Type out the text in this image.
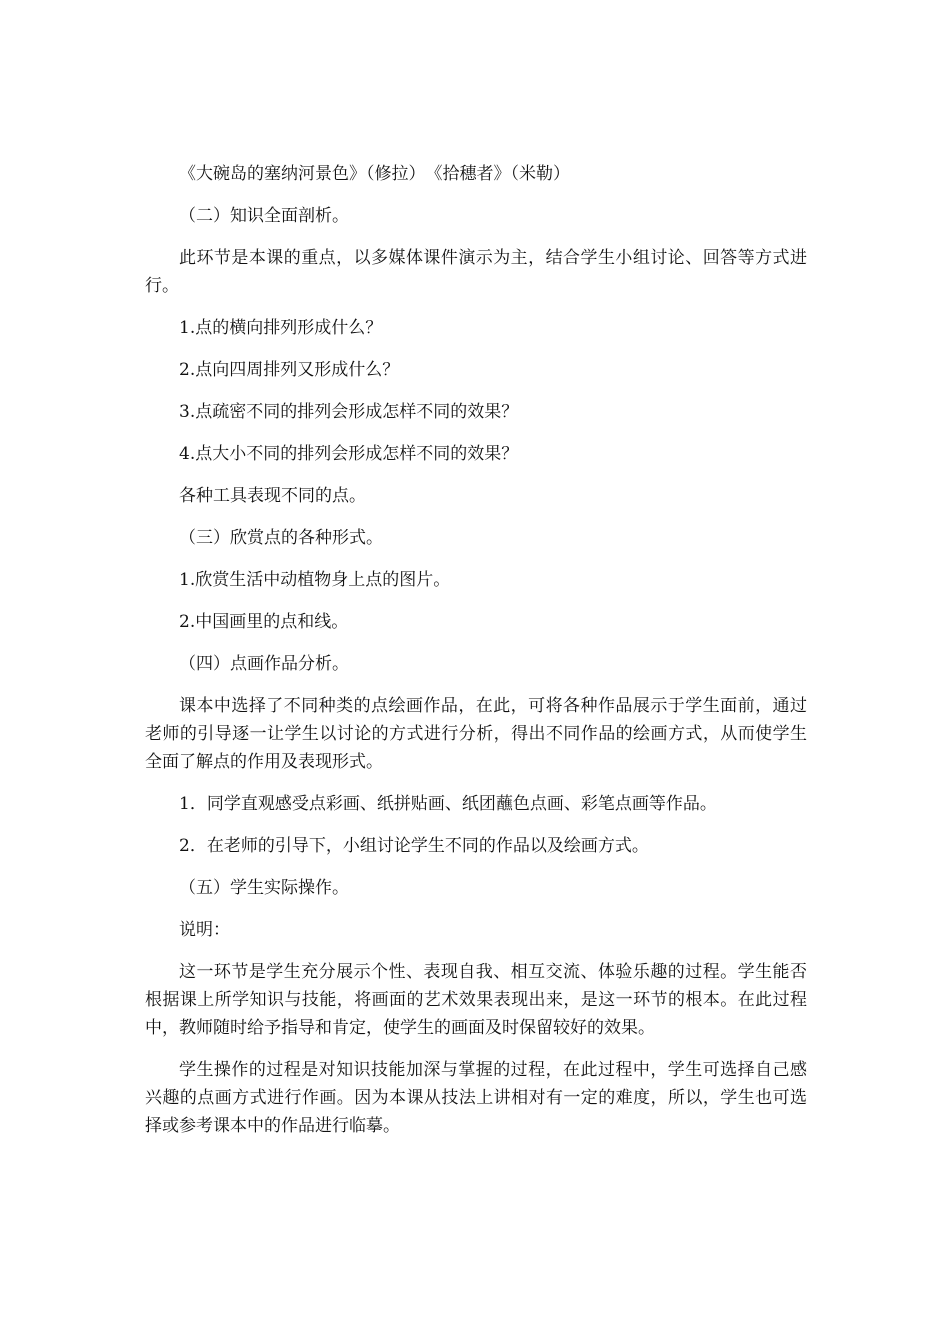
《大碗岛的塞纳河景色》（修拉）　《拾穗者》（米勒）

（二）知识全面剖析。

此环节是本课的重点，以多媒体课件演示为主，结合学生小组讨论、回答等方式进行。

1.点的横向排列形成什么？

2.点向四周排列又形成什么？

3.点疏密不同的排列会形成怎样不同的效果？

4.点大小不同的排列会形成怎样不同的效果？

各种工具表现不同的点。

（三）欣赏点的各种形式。

1.欣赏生活中动植物身上点的图片。

2.中国画里的点和线。

（四）点画作品分析。

课本中选择了不同种类的点绘画作品，在此，可将各种作品展示于学生面前，通过老师的引导逐一让学生以讨论的方式进行分析，得出不同作品的绘画方式，从而使学生全面了解点的作用及表现形式。

1．同学直观感受点彩画、纸拼贴画、纸团蘸色点画、彩笔点画等作品。

2．在老师的引导下，小组讨论学生不同的作品以及绘画方式。

（五）学生实际操作。

说明：

这一环节是学生充分展示个性、表现自我、相互交流、体验乐趣的过程。学生能否根据课上所学知识与技能，将画面的艺术效果表现出来，是这一环节的根本。在此过程中，教师随时给予指导和肯定，使学生的画面及时保留较好的效果。

学生操作的过程是对知识技能加深与掌握的过程，在此过程中，学生可选择自己感兴趣的点画方式进行作画。因为本课从技法上讲相对有一定的难度，所以，学生也可选择或参考课本中的作品进行临摹。
